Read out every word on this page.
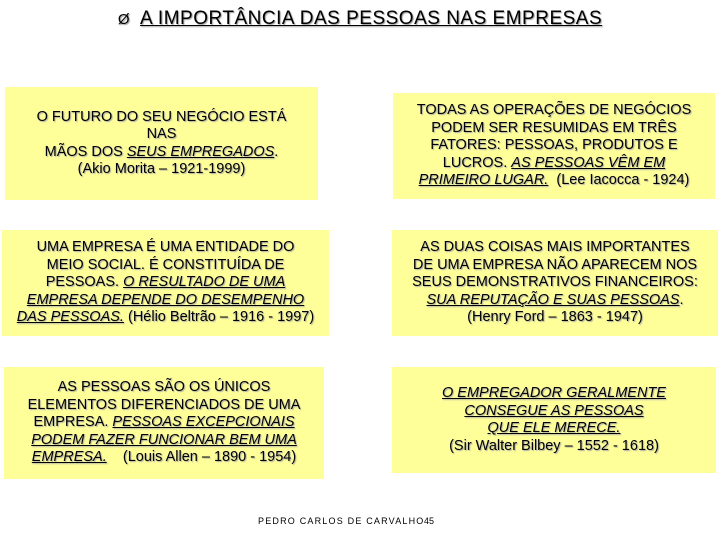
Ø A IMPORTÂNCIA DAS PESSOAS NAS EMPRESAS
O FUTURO DO SEU NEGÓCIO ESTÁ
NAS
MÃOS DOS SEUS EMPREGADOS.
(Akio Morita – 1921-1999)
TODAS AS OPERAÇÕES DE NEGÓCIOS
PODEM SER RESUMIDAS EM TRÊS
FATORES: PESSOAS, PRODUTOS E
LUCROS. AS PESSOAS VÊM EM
PRIMEIRO LUGAR. (Lee Iacocca - 1924)
UMA EMPRESA É UMA ENTIDADE DO
MEIO SOCIAL. É CONSTITUÍDA DE
PESSOAS. O RESULTADO DE UMA
EMPRESA DEPENDE DO DESEMPENHO
DAS PESSOAS. (Hélio Beltrão – 1916 - 1997)
AS DUAS COISAS MAIS IMPORTANTES
DE UMA EMPRESA NÃO APARECEM NOS
SEUS DEMONSTRATIVOS FINANCEIROS:
SUA REPUTAÇÃO E SUAS PESSOAS.
(Henry Ford – 1863 - 1947)
AS PESSOAS SÃO OS ÚNICOS
ELEMENTOS DIFERENCIADOS DE UMA
EMPRESA. PESSOAS EXCEPCIONAIS
PODEM FAZER FUNCIONAR BEM UMA
EMPRESA. (Louis Allen – 1890 - 1954)
O EMPREGADOR GERALMENTE
CONSEGUE AS PESSOAS
QUE ELE MERECE.
(Sir Walter Bilbey – 1552 - 1618)
PEDRO CARLOS DE CARVALHO 45
